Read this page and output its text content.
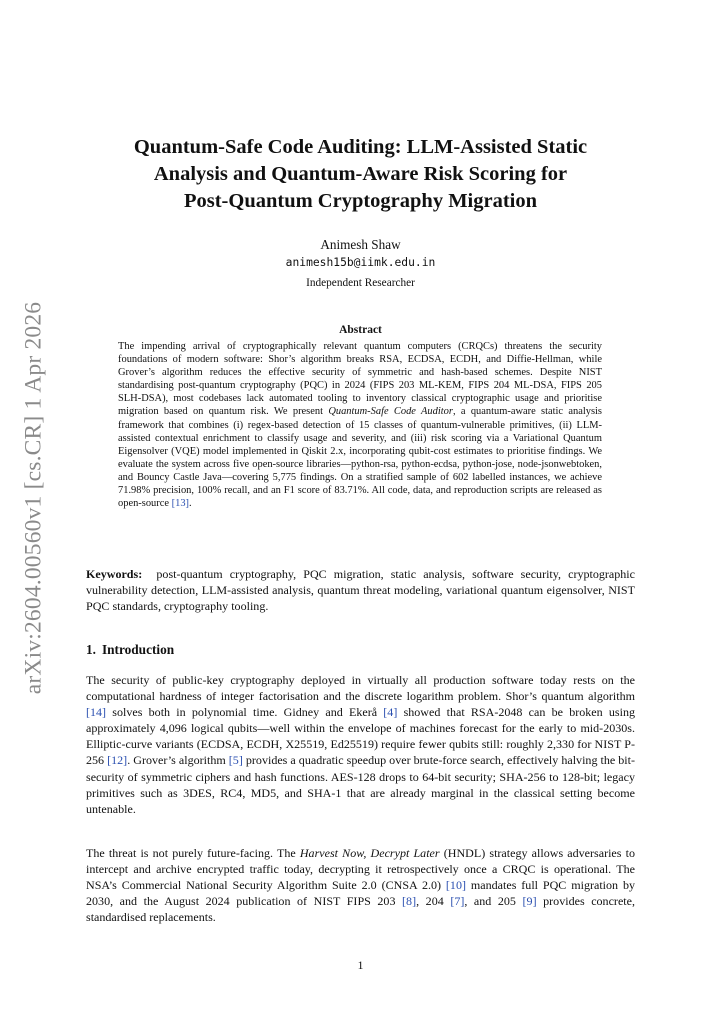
arXiv:2604.00560v1 [cs.CR] 1 Apr 2026
Quantum-Safe Code Auditing: LLM-Assisted Static
Analysis and Quantum-Aware Risk Scoring for
Post-Quantum Cryptography Migration
Animesh Shaw
animesh15b@iimk.edu.in
Independent Researcher
Abstract
The impending arrival of cryptographically relevant quantum computers (CRQCs) threatens the security foundations of modern software: Shor’s algorithm breaks RSA, ECDSA, ECDH, and Diffie-Hellman, while Grover’s algorithm reduces the effective security of symmetric and hash-based schemes. Despite NIST standardising post-quantum cryptography (PQC) in 2024 (FIPS 203 ML-KEM, FIPS 204 ML-DSA, FIPS 205 SLH-DSA), most codebases lack automated tooling to inventory classical cryptographic usage and prioritise migration based on quantum risk. We present Quantum-Safe Code Auditor, a quantum-aware static analysis framework that combines (i) regex-based detection of 15 classes of quantum-vulnerable primitives, (ii) LLM-assisted contextual enrichment to classify usage and severity, and (iii) risk scoring via a Variational Quantum Eigensolver (VQE) model implemented in Qiskit 2.x, incorporating qubit-cost estimates to prioritise findings. We evaluate the system across five open-source libraries—python-rsa, python-ecdsa, python-jose, node-jsonwebtoken, and Bouncy Castle Java—covering 5,775 findings. On a stratified sample of 602 labelled instances, we achieve 71.98% precision, 100% recall, and an F1 score of 83.71%. All code, data, and reproduction scripts are released as open-source [13].
Keywords: post-quantum cryptography, PQC migration, static analysis, software security, cryptographic vulnerability detection, LLM-assisted analysis, quantum threat modeling, variational quantum eigensolver, NIST PQC standards, cryptography tooling.
1. Introduction
The security of public-key cryptography deployed in virtually all production software today rests on the computational hardness of integer factorisation and the discrete logarithm problem. Shor’s quantum algorithm [14] solves both in polynomial time. Gidney and Ekerå [4] showed that RSA-2048 can be broken using approximately 4,096 logical qubits—well within the envelope of machines forecast for the early to mid-2030s. Elliptic-curve variants (ECDSA, ECDH, X25519, Ed25519) require fewer qubits still: roughly 2,330 for NIST P-256 [12]. Grover’s algorithm [5] provides a quadratic speedup over brute-force search, effectively halving the bit-security of symmetric ciphers and hash functions. AES-128 drops to 64-bit security; SHA-256 to 128-bit; legacy primitives such as 3DES, RC4, MD5, and SHA-1 that are already marginal in the classical setting become untenable.
The threat is not purely future-facing. The Harvest Now, Decrypt Later (HNDL) strategy allows adversaries to intercept and archive encrypted traffic today, decrypting it retrospectively once a CRQC is operational. The NSA’s Commercial National Security Algorithm Suite 2.0 (CNSA 2.0) [10] mandates full PQC migration by 2030, and the August 2024 publication of NIST FIPS 203 [8], 204 [7], and 205 [9] provides concrete, standardised replacements.
1
